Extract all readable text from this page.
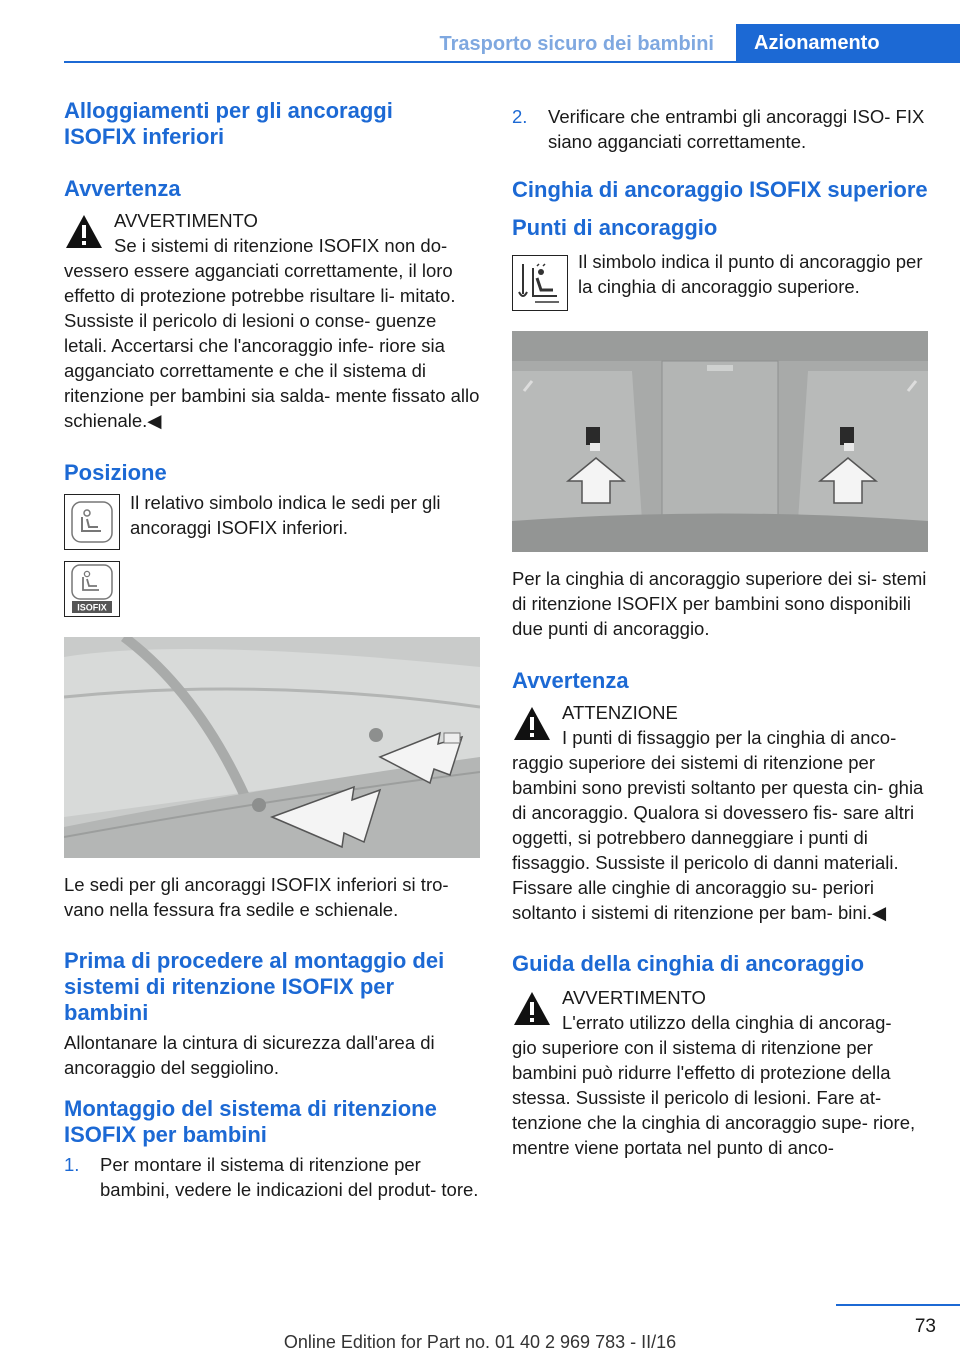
Trasporto sicuro dei bambini	Azionamento
Alloggiamenti per gli ancoraggi ISOFIX inferiori
Avvertenza
AVVERTIMENTO
Se i sistemi di ritenzione ISOFIX non do-
vessero essere agganciati correttamente, il loro effetto di protezione potrebbe risultare li- mitato. Sussiste il pericolo di lesioni o conse- guenze letali. Accertarsi che l'ancoraggio infe- riore sia agganciato correttamente e che il sistema di ritenzione per bambini sia salda- mente fissato allo schienale.◀
Posizione
Il relativo simbolo indica le sedi per gli ancoraggi ISOFIX inferiori.
ISOFIX
Le sedi per gli ancoraggi ISOFIX inferiori si tro- vano nella fessura fra sedile e schienale.
Prima di procedere al montaggio dei sistemi di ritenzione ISOFIX per bambini
Allontanare la cintura di sicurezza dall'area di ancoraggio del seggiolino.
Montaggio del sistema di ritenzione ISOFIX per bambini
1. Per montare il sistema di ritenzione per bambini, vedere le indicazioni del produt- tore.
2. Verificare che entrambi gli ancoraggi ISO- FIX siano agganciati correttamente.
Cinghia di ancoraggio ISOFIX superiore
Punti di ancoraggio
Il simbolo indica il punto di ancoraggio per la cinghia di ancoraggio superiore.
Per la cinghia di ancoraggio superiore dei si- stemi di ritenzione ISOFIX per bambini sono disponibili due punti di ancoraggio.
Avvertenza
ATTENZIONE
I punti di fissaggio per la cinghia di anco-
raggio superiore dei sistemi di ritenzione per bambini sono previsti soltanto per questa cin- ghia di ancoraggio. Qualora si dovessero fis- sare altri oggetti, si potrebbero danneggiare i punti di fissaggio. Sussiste il pericolo di danni materiali. Fissare alle cinghie di ancoraggio su- periori soltanto i sistemi di ritenzione per bam- bini.◀
Guida della cinghia di ancoraggio
AVVERTIMENTO
L'errato utilizzo della cinghia di ancorag-
gio superiore con il sistema di ritenzione per bambini può ridurre l'effetto di protezione della stessa. Sussiste il pericolo di lesioni. Fare at- tenzione che la cinghia di ancoraggio supe- riore, mentre viene portata nel punto di anco-
73
Online Edition for Part no. 01 40 2 969 783 - II/16
